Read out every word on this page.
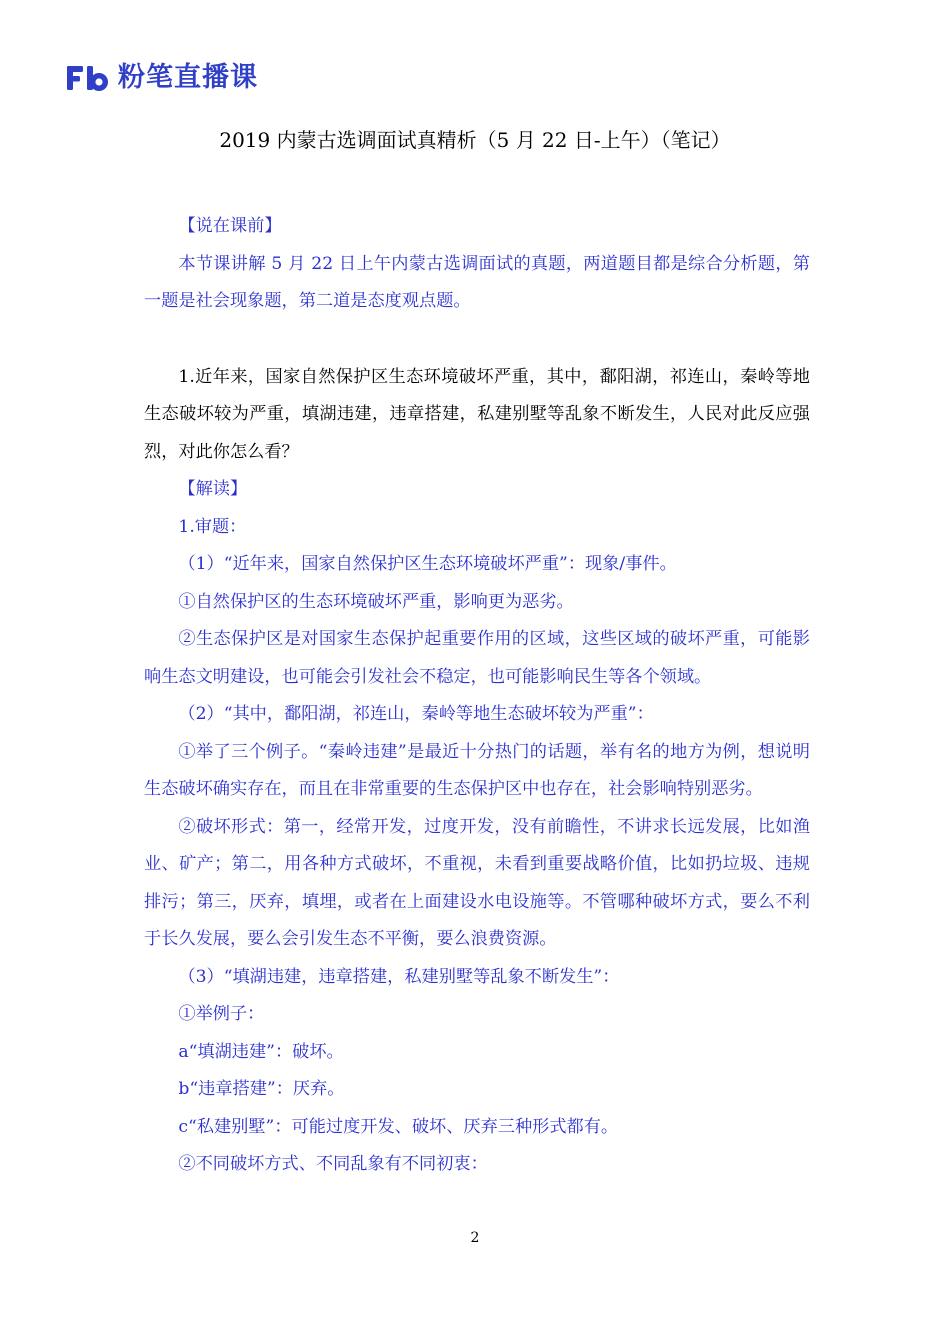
粉笔直播课
2019 内蒙古选调面试真精析（5 月 22 日-上午）（笔记）

【说在课前】

本节课讲解 5 月 22 日上午内蒙古选调面试的真题，两道题目都是综合分析题，第一题是社会现象题，第二道是态度观点题。

1.近年来，国家自然保护区生态环境破坏严重，其中，鄱阳湖，祁连山，秦岭等地生态破坏较为严重，填湖违建，违章搭建，私建别墅等乱象不断发生，人民对此反应强烈，对此你怎么看？

【解读】

1.审题：

（1）“近年来，国家自然保护区生态环境破坏严重”：现象/事件。

①自然保护区的生态环境破坏严重，影响更为恶劣。

②生态保护区是对国家生态保护起重要作用的区域，这些区域的破坏严重，可能影响生态文明建设，也可能会引发社会不稳定，也可能影响民生等各个领域。

（2）“其中，鄱阳湖，祁连山，秦岭等地生态破坏较为严重”：

①举了三个例子。“秦岭违建”是最近十分热门的话题，举有名的地方为例，想说明生态破坏确实存在，而且在非常重要的生态保护区中也存在，社会影响特别恶劣。

②破坏形式：第一，经常开发，过度开发，没有前瞻性，不讲求长远发展，比如渔业、矿产；第二，用各种方式破坏，不重视，未看到重要战略价值，比如扔垃圾、违规排污；第三，厌弃，填埋，或者在上面建设水电设施等。不管哪种破坏方式，要么不利于长久发展，要么会引发生态不平衡，要么浪费资源。

（3）“填湖违建，违章搭建，私建别墅等乱象不断发生”：

①举例子：

a“填湖违建”：破坏。

b“违章搭建”：厌弃。

c“私建别墅”：可能过度开发、破坏、厌弃三种形式都有。

②不同破坏方式、不同乱象有不同初衷：

2
